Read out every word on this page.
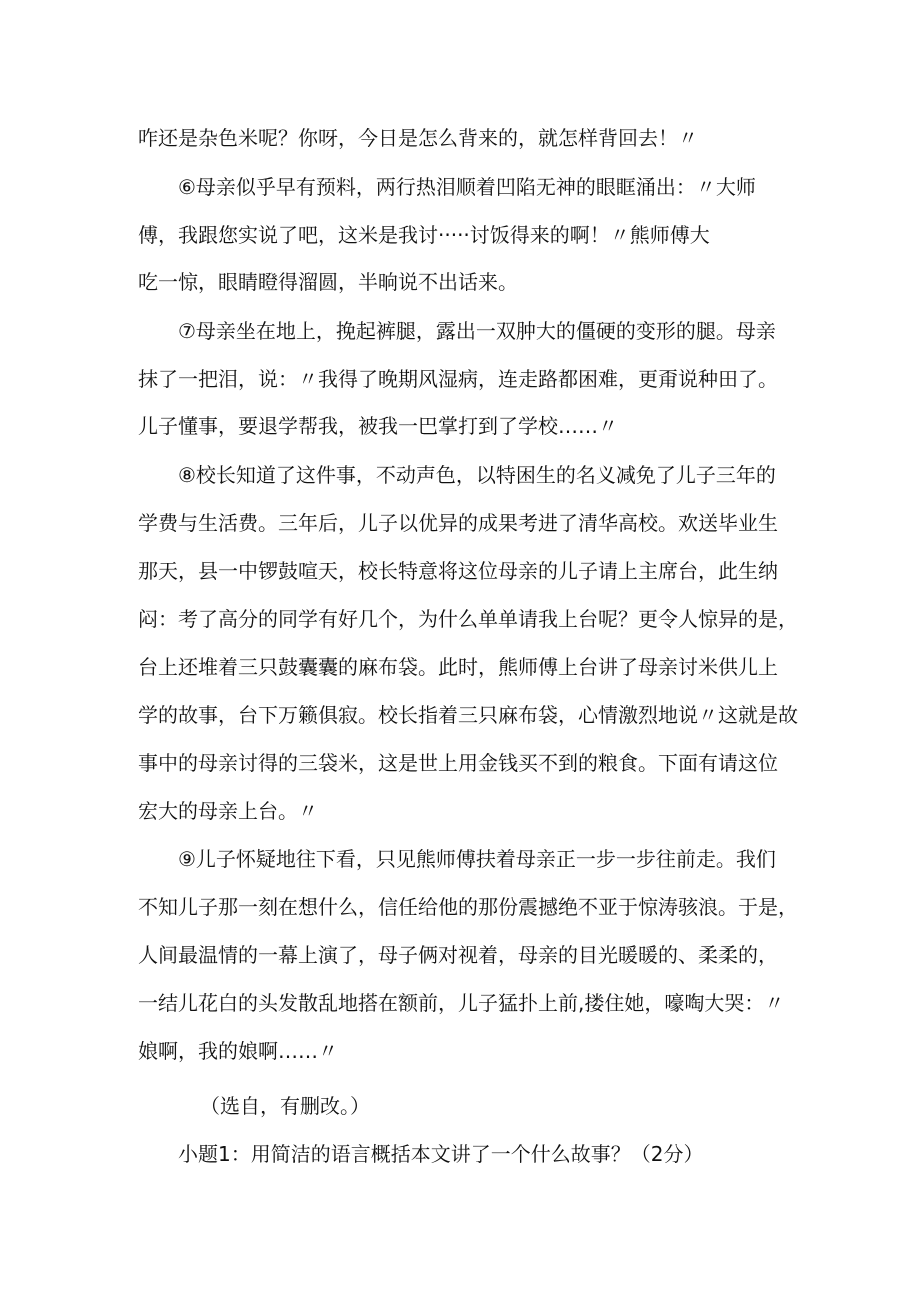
咋还是杂色米呢？你呀，今日是怎么背来的，就怎样背回去！〃
⑥母亲似乎早有预料，两行热泪顺着凹陷无神的眼眶涌出：〃大师
傅，我跟您实说了吧，这米是我讨·····讨饭得来的啊！〃熊师傅大
吃一惊，眼睛瞪得溜圆，半晌说不出话来。
⑦母亲坐在地上，挽起裤腿，露出一双肿大的僵硬的变形的腿。母亲
抹了一把泪，说：〃我得了晚期风湿病，连走路都困难，更甭说种田了。
儿子懂事，要退学帮我，被我一巴掌打到了学校……〃
⑧校长知道了这件事，不动声色，以特困生的名义减免了儿子三年的
学费与生活费。三年后，儿子以优异的成果考进了清华高校。欢送毕业生
那天，县一中锣鼓喧天，校长特意将这位母亲的儿子请上主席台，此生纳
闷：考了高分的同学有好几个，为什么单单请我上台呢？更令人惊异的是，
台上还堆着三只鼓囊囊的麻布袋。此时，熊师傅上台讲了母亲讨米供儿上
学的故事，台下万籁俱寂。校长指着三只麻布袋，心情激烈地说〃这就是故
事中的母亲讨得的三袋米，这是世上用金钱买不到的粮食。下面有请这位
宏大的母亲上台。〃
⑨儿子怀疑地往下看，只见熊师傅扶着母亲正一步一步往前走。我们
不知儿子那一刻在想什么，信任给他的那份震撼绝不亚于惊涛骇浪。于是，
人间最温情的一幕上演了，母子俩对视着，母亲的目光暖暖的、柔柔的，
一结儿花白的头发散乱地搭在额前，儿子猛扑上前,搂住她，嚎啕大哭：〃
娘啊，我的娘啊……〃
（选自，有删改。）
小题1：用简洁的语言概括本文讲了一个什么故事？（2分）
